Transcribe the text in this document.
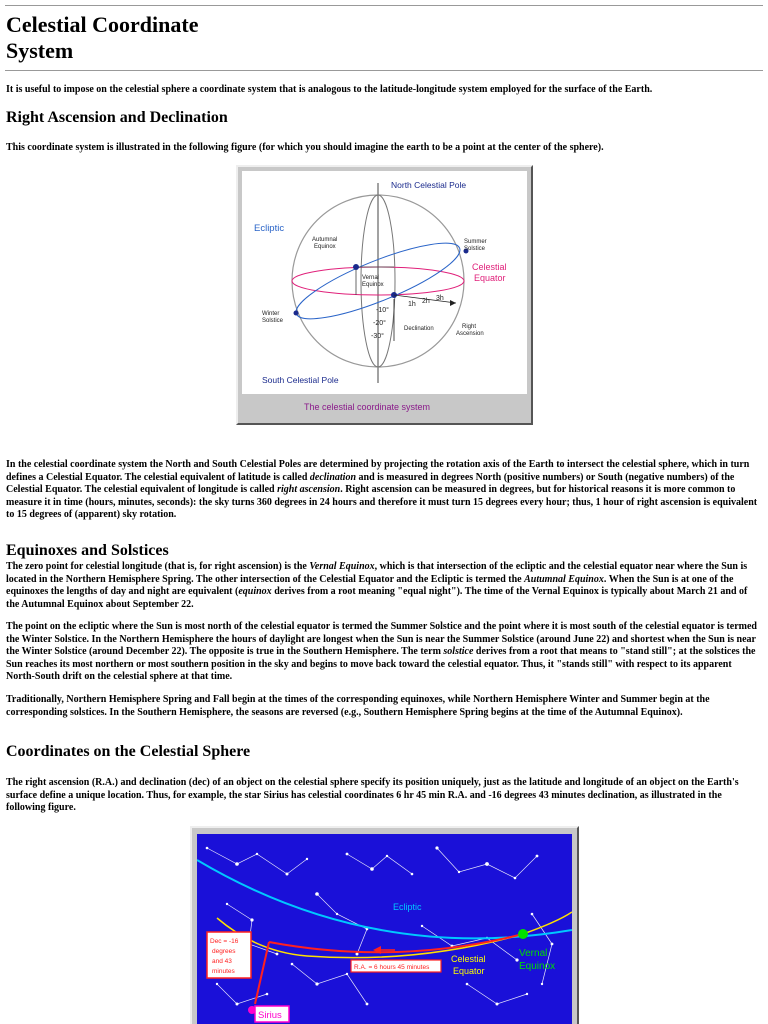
Celestial Coordinate
System

It is useful to impose on the celestial sphere a coordinate system that is analogous to the latitude-longitude system employed for the surface of the Earth.

Right Ascension and Declination

This coordinate system is illustrated in the following figure (for which you should imagine the earth to be a point at the center of the sphere).

North Celestial Pole
Ecliptic
Autumnal
Equinox
Summer
Solstice
Celestial
Equator
Vernal
Equinox
Winter
Solstice
-10°
-20°
-30°
Declination	Right
Ascension
1h 2h 3h
South Celestial Pole
The celestial coordinate system

In the celestial coordinate system the North and South Celestial Poles are determined by projecting the rotation axis of the Earth to intersect the celestial sphere, which in turn defines a Celestial Equator. The celestial equivalent of latitude is called declination and is measured in degrees North (positive numbers) or South (negative numbers) of the Celestial Equator. The celestial equivalent of longitude is called right ascension. Right ascension can be measured in degrees, but for historical reasons it is more common to measure it in time (hours, minutes, seconds): the sky turns 360 degrees in 24 hours and therefore it must turn 15 degrees every hour; thus, 1 hour of right ascension is equivalent to 15 degrees of (apparent) sky rotation.

Equinoxes and Solstices

The zero point for celestial longitude (that is, for right ascension) is the Vernal Equinox, which is that intersection of the ecliptic and the celestial equator near where the Sun is located in the Northern Hemisphere Spring. The other intersection of the Celestial Equator and the Ecliptic is termed the Autumnal Equinox. When the Sun is at one of the equinoxes the lengths of day and night are equivalent (equinox derives from a root meaning "equal night"). The time of the Vernal Equinox is typically about March 21 and of the Autumnal Equinox about September 22.

The point on the ecliptic where the Sun is most north of the celestial equator is termed the Summer Solstice and the point where it is most south of the celestial equator is termed the Winter Solstice. In the Northern Hemisphere the hours of daylight are longest when the Sun is near the Summer Solstice (around June 22) and shortest when the Sun is near the Winter Solstice (around December 22). The opposite is true in the Southern Hemisphere. The term solstice derives from a root that means to "stand still"; at the solstices the Sun reaches its most northern or most southern position in the sky and begins to move back toward the celestial equator. Thus, it "stands still" with respect to its apparent North-South drift on the celestial sphere at that time.

Traditionally, Northern Hemisphere Spring and Fall begin at the times of the corresponding equinoxes, while Northern Hemisphere Winter and Summer begin at the corresponding solstices. In the Southern Hemisphere, the seasons are reversed (e.g., Southern Hemisphere Spring begins at the time of the Autumnal Equinox).

Coordinates on the Celestial Sphere

The right ascension (R.A.) and declination (dec) of an object on the celestial sphere specify its position uniquely, just as the latitude and longitude of an object on the Earth's surface define a unique location. Thus, for example, the star Sirius has celestial coordinates 6 hr 45 min R.A. and -16 degrees 43 minutes declination, as illustrated in the following figure.

Ecliptic
Dec = -16
degrees
and 43
minutes
R.A. = 6 hours 45 minutes
Celestial
Equator
Vernal
Equinox
Sirius
